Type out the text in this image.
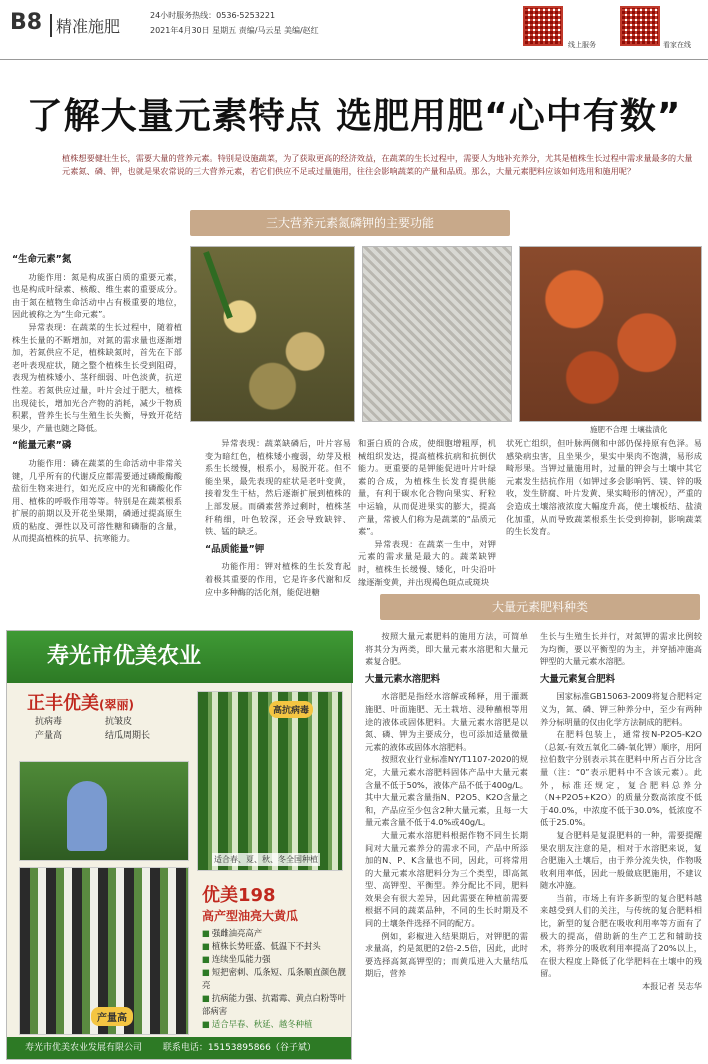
B8 精准施肥
24小时服务热线：0536-5253221
2021年4月30日 星期五 责编/马云星 美编/赵红
线上服务	看家在线
了解大量元素特点 选肥用肥“心中有数”
植株想要健壮生长，需要大量的营养元素。特别是设施蔬菜，为了获取更高的经济效益，在蔬菜的生长过程中，需要人为地补充养分，尤其是植株生长过程中需求量最多的大量元素氮、磷、钾，也就是果农常说的三大营养元素，若它们供应不足或过量施用，往往会影响蔬菜的产量和品质。那么，大量元素肥料应该如何选用和施用呢？
三大营养元素氮磷钾的主要功能
施肥不合理 土壤盐渍化
“生命元素”氮
功能作用：氮是构成蛋白质的重要元素，也是构成叶绿素、核酸、维生素的重要成分。由于氮在植物生命活动中占有极重要的地位，因此被称之为“生命元素”。
异常表现：在蔬菜的生长过程中，随着植株生长量的不断增加，对氮的需求量也逐渐增加，若氮供应不足，植株缺氮时，首先在下部老叶表现症状，随之整个植株生长受到阻碍，表现为植株矮小、茎秆细弱、叶色淡黄，抗逆性差。若氮供应过量，叶片会过于肥大，植株出现徒长，增加光合产物的消耗，减少干物质积累，营养生长与生殖生长失衡，导致开花结果少，产量也随之降低。
“能量元素”磷
功能作用：磷在蔬菜的生命活动中非常关键，几乎所有的代谢反应都需要通过磷酸酶酸盐衍生物来进行，如光反应中的光和磷酸化作用、植株的呼吸作用等等。特别是在蔬菜根系扩展的前期以及开花坐果期，磷通过提高原生质的粘度、弹性以及可溶性糖和磷脂的含量，从而提高植株的抗旱、抗寒能力。
异常表现：蔬菜缺磷后，叶片容易变为暗红色，植株矮小瘦弱，幼芽及根系生长缓慢，根系小，易脱开花。但不能坐果，最先表现的症状是老叶变黄，接着发生干枯，然后逐渐扩展到植株的上部发展。而磷素营养过剩时，植株茎秆稍细，叶色较深，还会导致缺锌、铁、锰的缺乏。
“品质能量”钾
功能作用：钾对植株的生长发育起着极其重要的作用，它是许多代谢和反应中多种酶的活化剂，能促进糖
和蛋白质的合成，使细胞增粗厚，机械组织发达，提高植株抗病和抗倒伏能力。更重要的是钾能促进叶片叶绿素的合成，为植株生长发育提供能量，有利于碳水化合物向果实、籽粒中运输，从而促进果实的膨大，提高产量，常被人们称为是蔬菜的“品质元素”。
异常表现：在蔬菜一生中，对钾元素的需求量是最大的。蔬菜缺钾时，植株生长缓慢、矮化，叶尖沿叶缘逐渐变黄，并出现褐色斑点或斑块
状死亡组织，但叶脉两侧和中部仍保持原有色泽。易感染病虫害，且坐果少，果实中果肉不饱满，易形成畸形果。当钾过量施用时，过量的钾会与土壤中其它元素发生拮抗作用（如钾过多会影响钙、镁、锌的吸收，发生脐腐、叶片发黄、果实畸形的情况），严重的会造成土壤溶液浓度大幅度升高，使土壤板结、盐渍化加重，从而导致蔬菜根系生长受到抑制，影响蔬菜的生长发育。
大量元素肥料种类
按照大量元素肥料的施用方法，可简单将其分为两类，即大量元素水溶肥和大量元素复合肥。
大量元素水溶肥料
水溶肥是指经水溶解或稀释，用于灌溉施肥、叶面施肥、无土栽培、浸种蘸根等用途的液体或固体肥料。大量元素水溶肥是以氮、磷、钾为主要成分，也可添加适量微量元素的液体或固体水溶肥料。
按照农业行业标准NY/T1107-2020的规定，大量元素水溶肥料固体产品中大量元素含量不低于50%，液体产品不低于400g/L。其中大量元素含量指N、P2O5、K2O含量之和，产品应至少包含2种大量元素，且每一大量元素含量不低于4.0%或40g/L。
大量元素水溶肥料根据作物不同生长期间对大量元素养分的需求不同，产品中所添加的N、P、K含量也不同，因此，可将常用的大量元素水溶肥料分为三个类型，即高氮型、高钾型、平衡型。养分配比不同，肥料效果会有很大差异，因此需要在种植前需要根据不同的蔬菜品种，不同的生长时期及不同的土壤条件选择不同的配方。
例如，彩椒进入结果期后，对钾肥的需求量高，约是氮肥的2倍-2.5倍，因此，此时要选择高氮高钾型的；而黄瓜进入大量结瓜期后，营养
生长与生殖生长并行，对氮钾的需求比例较为均衡，要以平衡型的为主，并穿插冲施高钾型的大量元素水溶肥。
大量元素复合肥料
国家标准GB15063-2009将复合肥料定义为，氮、磷、钾三种养分中，至少有两种养分标明量的仅由化学方法制成的肥料。
在肥料包装上，通常按N-P2O5-K2O（总氮-有效五氧化二磷-氧化钾）顺序，用阿拉伯数字分别表示其在肥料中所占百分比含量（注：“0”表示肥料中不含该元素）。此外，标准还规定，复合肥料总养分（N+P2O5+K2O）的质量分数高浓度不低于40.0%，中浓度不低于30.0%，低浓度不低于25.0%。
复合肥料是复混肥料的一种，需要提醒果农朋友注意的是，相对于水溶肥来说，复合肥施入土壤后，由于养分流失快，作物吸收利用率低，因此一般做底肥施用，不建议随水冲施。
当前，市场上有许多新型的复合肥料越来越受到人们的关注，与传统的复合肥料相比，新型的复合肥在吸收利用率等方面有了极大的提高，借助新的生产工艺和辅助技术，将养分的吸收利用率提高了20%以上，在很大程度上降低了化学肥料在土壤中的残留。
本报记者 吴志华
寿光市优美农业
正丰优美(翠丽)
抗病毒	抗皱皮
产量高	结瓜周期长
高抗病毒
适合春、夏、秋、冬全国种植
产量高
优美198
高产型油亮大黄瓜
■ 强雌油亮高产
■ 植株长势旺盛、低温下不封头
■ 连续坐瓜能力强
■ 短把密刺、瓜条短、瓜条顺直颜色靓亮
■ 抗病能力强、抗霜霉、黄点白粉等叶部病害
■ 适合早春、秋延、越冬种植
寿光市优美农业发展有限公司 联系电话：15153895866（谷子斌）
